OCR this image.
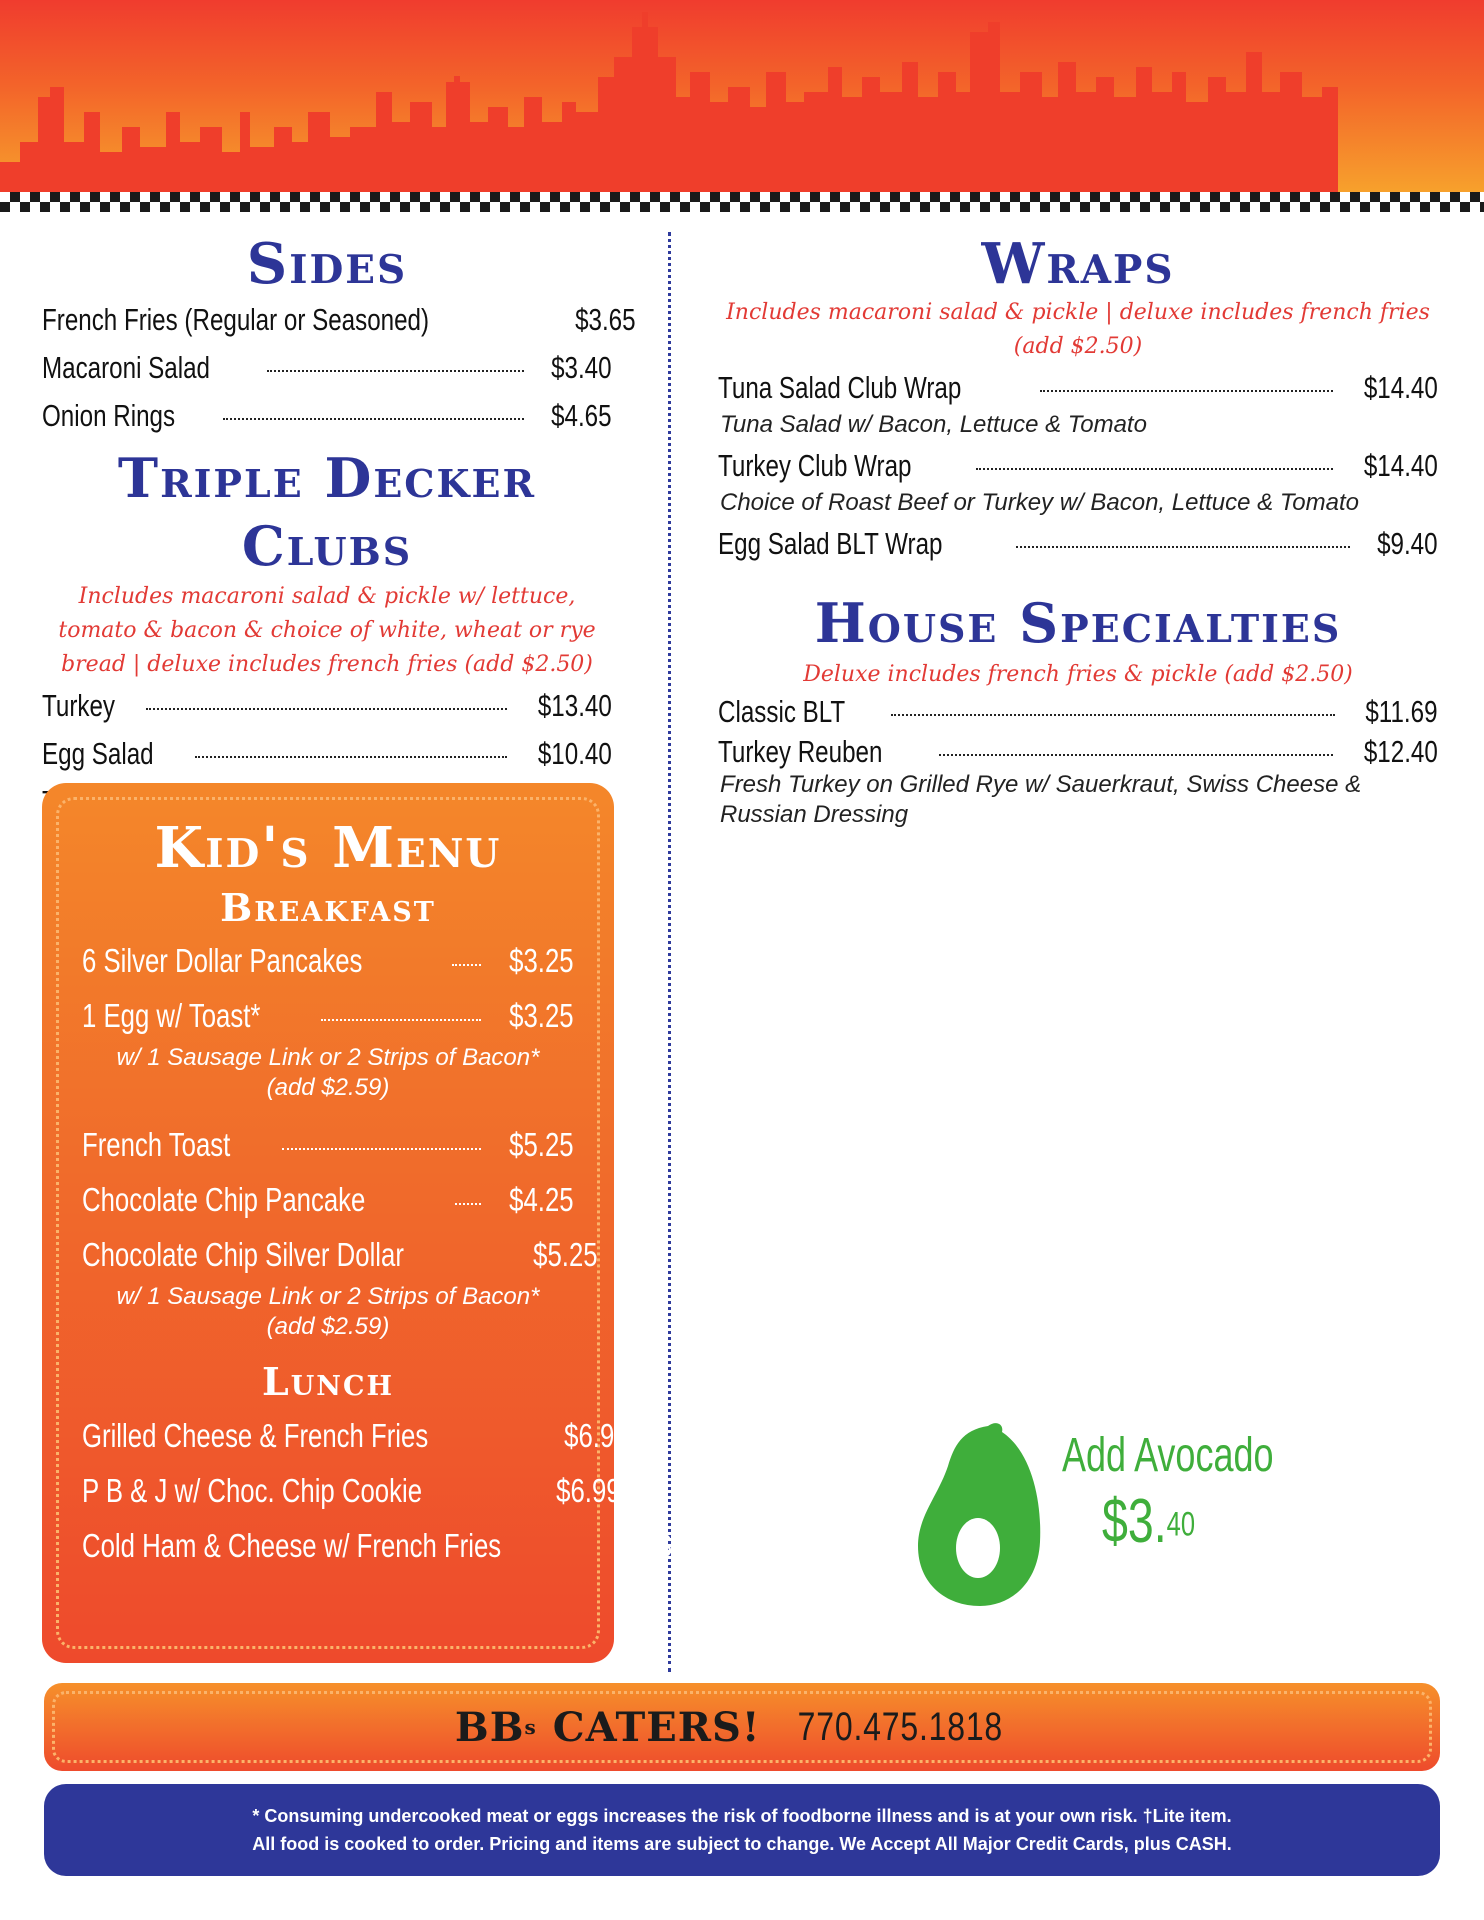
Sides
French Fries (Regular or Seasoned)	$3.65
Macaroni Salad	$3.40
Onion Rings	$4.65
Triple Decker Clubs

Includes macaroni salad & pickle w/ lettuce,

tomato & bacon & choice of white, wheat or rye

bread | deluxe includes french fries (add $2.50)

Turkey	$13.40
Egg Salad	$10.40
Kid's Menu
Breakfast
6 Silver Dollar Pancakes	$3.25
1 Egg w/ Toast*	$3.25

w/ 1 Sausage Link or 2 Strips of Bacon*
(add $2.59)

French Toast	$5.25
Chocolate Chip Pancake	$4.25
Chocolate Chip Silver Dollar	$5.25

w/ 1 Sausage Link or 2 Strips of Bacon*
(add $2.59)

Lunch
Grilled Cheese & French Fries	$6.99
P B & J w/ Choc. Chip Cookie	$6.99
Cold Ham & Cheese w/ French Fries	$6.99
Wraps

Includes macaroni salad & pickle | deluxe includes french fries

(add $2.50)

Tuna Salad Club Wrap	$14.40
Tuna Salad w/ Bacon, Lettuce & Tomato
Turkey Club Wrap	$14.40
Choice of Roast Beef or Turkey w/ Bacon, Lettuce & Tomato
Egg Salad BLT Wrap	$9.40
House Specialties

Deluxe includes french fries & pickle (add $2.50)

Classic BLT	$11.69
Turkey Reuben	$12.40
Fresh Turkey on Grilled Rye w/ Sauerkraut, Swiss Cheese &
Russian Dressing
Add Avocado
$3.40
BB s CATERS! 770.475.1818
* Consuming undercooked meat or eggs increases the risk of foodborne illness and is at your own risk. †Lite item.
All food is cooked to order. Pricing and items are subject to change. We Accept All Major Credit Cards, plus CASH.
